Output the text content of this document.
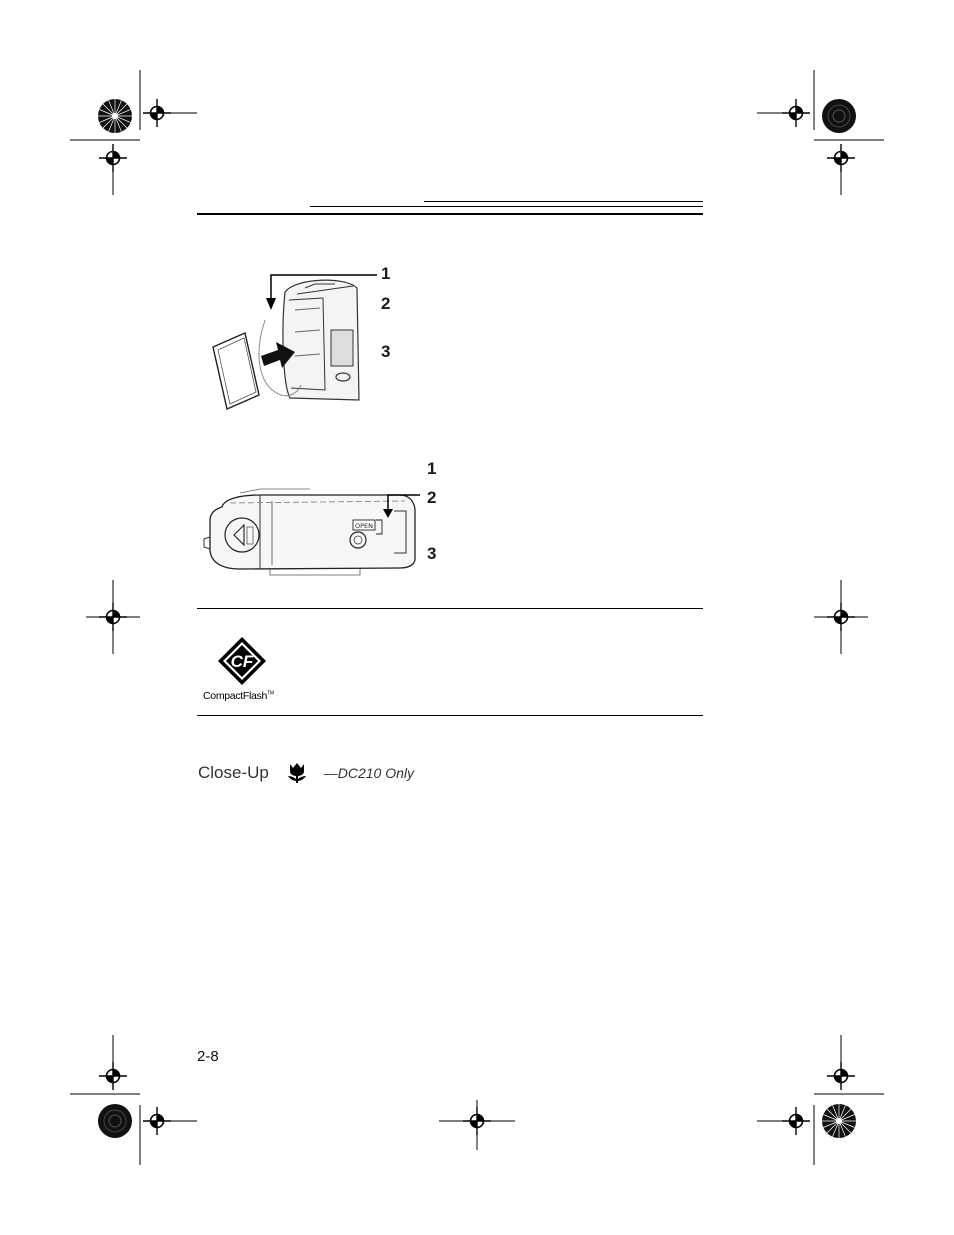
1
2
3
OPEN
1
2
3
CF
CompactFlash™
Close-Up	—DC210 Only
2-8
